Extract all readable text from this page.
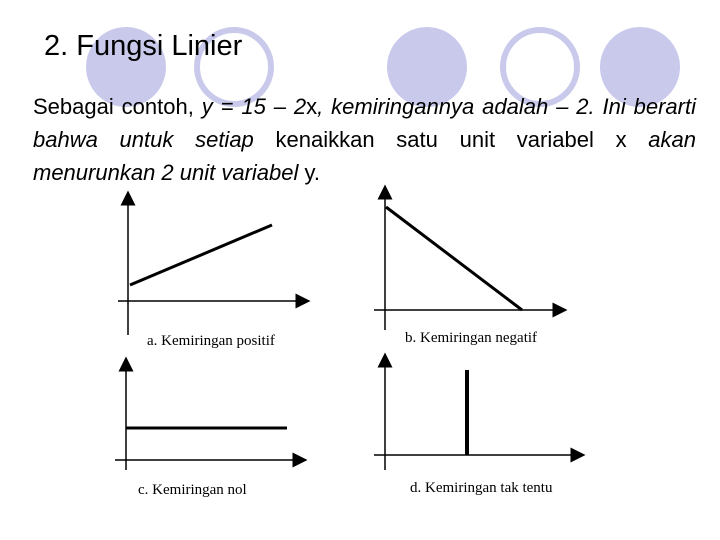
2. Fungsi Linier
Sebagai contoh, y = 15 – 2x, kemiringannya adalah – 2. Ini berarti bahwa untuk setiap kenaikkan satu unit variabel x akan menurunkan 2 unit variabel y.
a. Kemiringan positif	b. Kemiringan negatif
c. Kemiringan nol	d. Kemiringan tak tentu
